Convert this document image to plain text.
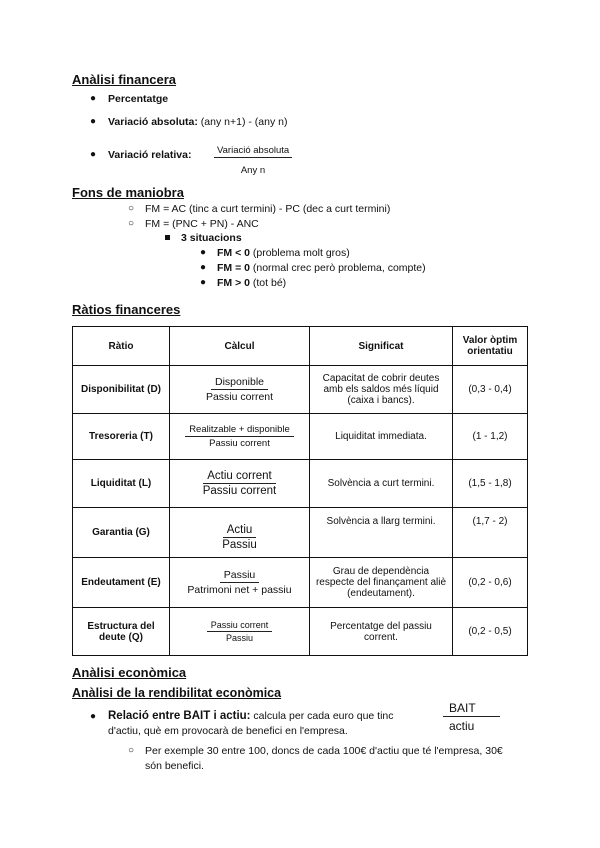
Anàlisi financera
● Percentatge
● Variació absoluta: (any n+1) - (any n)
● Variació relativa:	Variació absoluta
Any n
Fons de maniobra
○ FM = AC (tinc a curt termini) - PC (dec a curt termini)
○ FM = (PNC + PN) - ANC
3 situacions
● FM < 0 (problema molt gros)
● FM = 0 (normal crec però problema, compte)
● FM > 0 (tot bé)
Ràtios financeres
Ràtio	Càlcul	Significat	Valor òptim orientatiu
Disponibilitat (D)	$\frac{\text{Disponible}}{\text{Passiu corrent}}$	Capacitat de cobrir deutes amb els saldos més líquid (caixa i bancs).	(0,3 - 0,4)
Tresoreria (T)	$\frac{\text{Realitzable + disponible}}{\text{Passiu corrent}}$	Liquiditat immediata.	(1 - 1,2)
Liquiditat (L)	$\frac{\text{Actiu corrent}}{\text{Passiu corrent}}$	Solvència a curt termini.	(1,5 - 1,8)
Garantia (G)	$\frac{\text{Actiu}}{\text{Passiu}}$	Solvència a llarg termini.	(1,7 - 2)
Endeutament (E)	$\frac{\text{Passiu}}{\text{Patrimoni net + passiu}}$	Grau de dependència respecte del finançament aliè (endeutament).	(0,2 - 0,6)
Estructura del deute (Q)	$\frac{\text{Passiu corrent}}{\text{Passiu}}$	Percentatge del passiu corrent.	(0,2 - 0,5)
Anàlisi econòmica
Anàlisi de la rendibilitat econòmica
● Relació entre BAIT i actiu: calcula per cada euro que tinc
d'actiu, què em provocarà de benefici en l'empresa.
BAIT
actiu
○ Per exemple 30 entre 100, doncs de cada 100€ d'actiu que té l'empresa, 30€
són benefici.
